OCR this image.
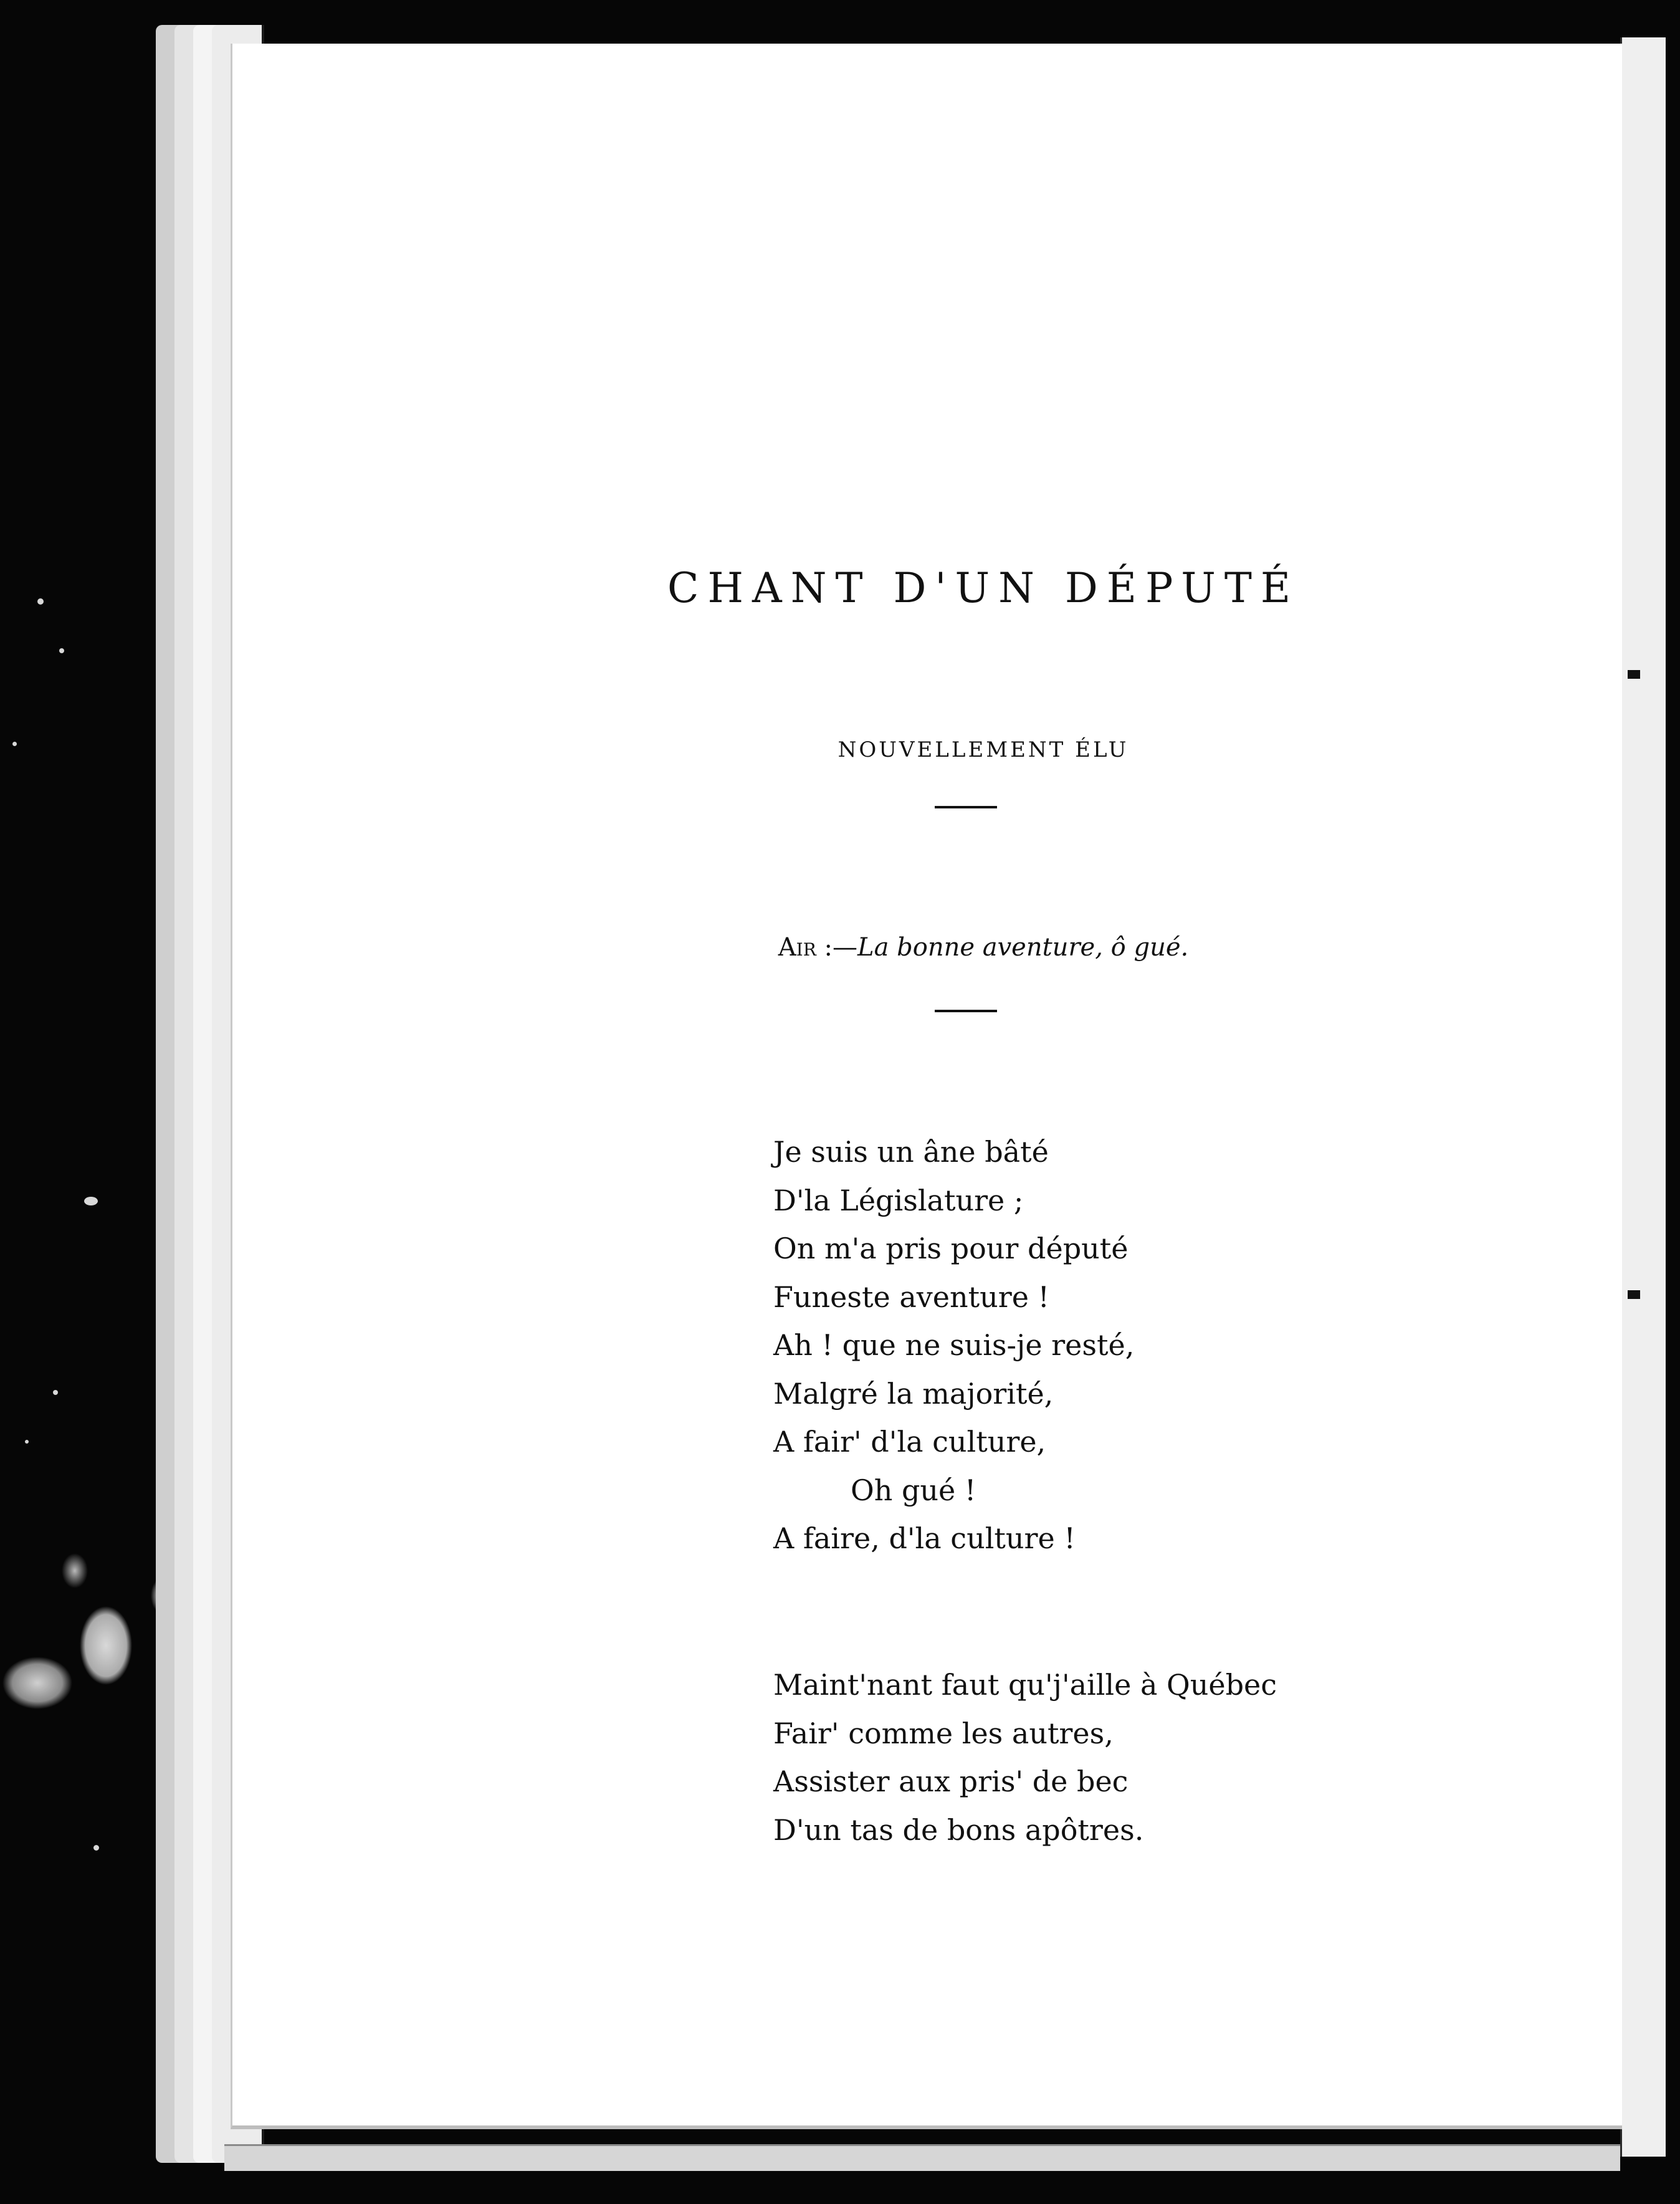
CHANT D'UN DÉPUTÉ
NOUVELLEMENT ÉLU
Air :—La bonne aventure, ô gué.
Je suis un âne bâté
D'la Législature ;
On m'a pris pour député
Funeste aventure !
Ah ! que ne suis-je resté,
Malgré la majorité,
A fair' d'la culture,
Oh gué !
A faire, d'la culture !
Maint'nant faut qu'j'aille à Québec
Fair' comme les autres,
Assister aux pris' de bec
D'un tas de bons apôtres.
